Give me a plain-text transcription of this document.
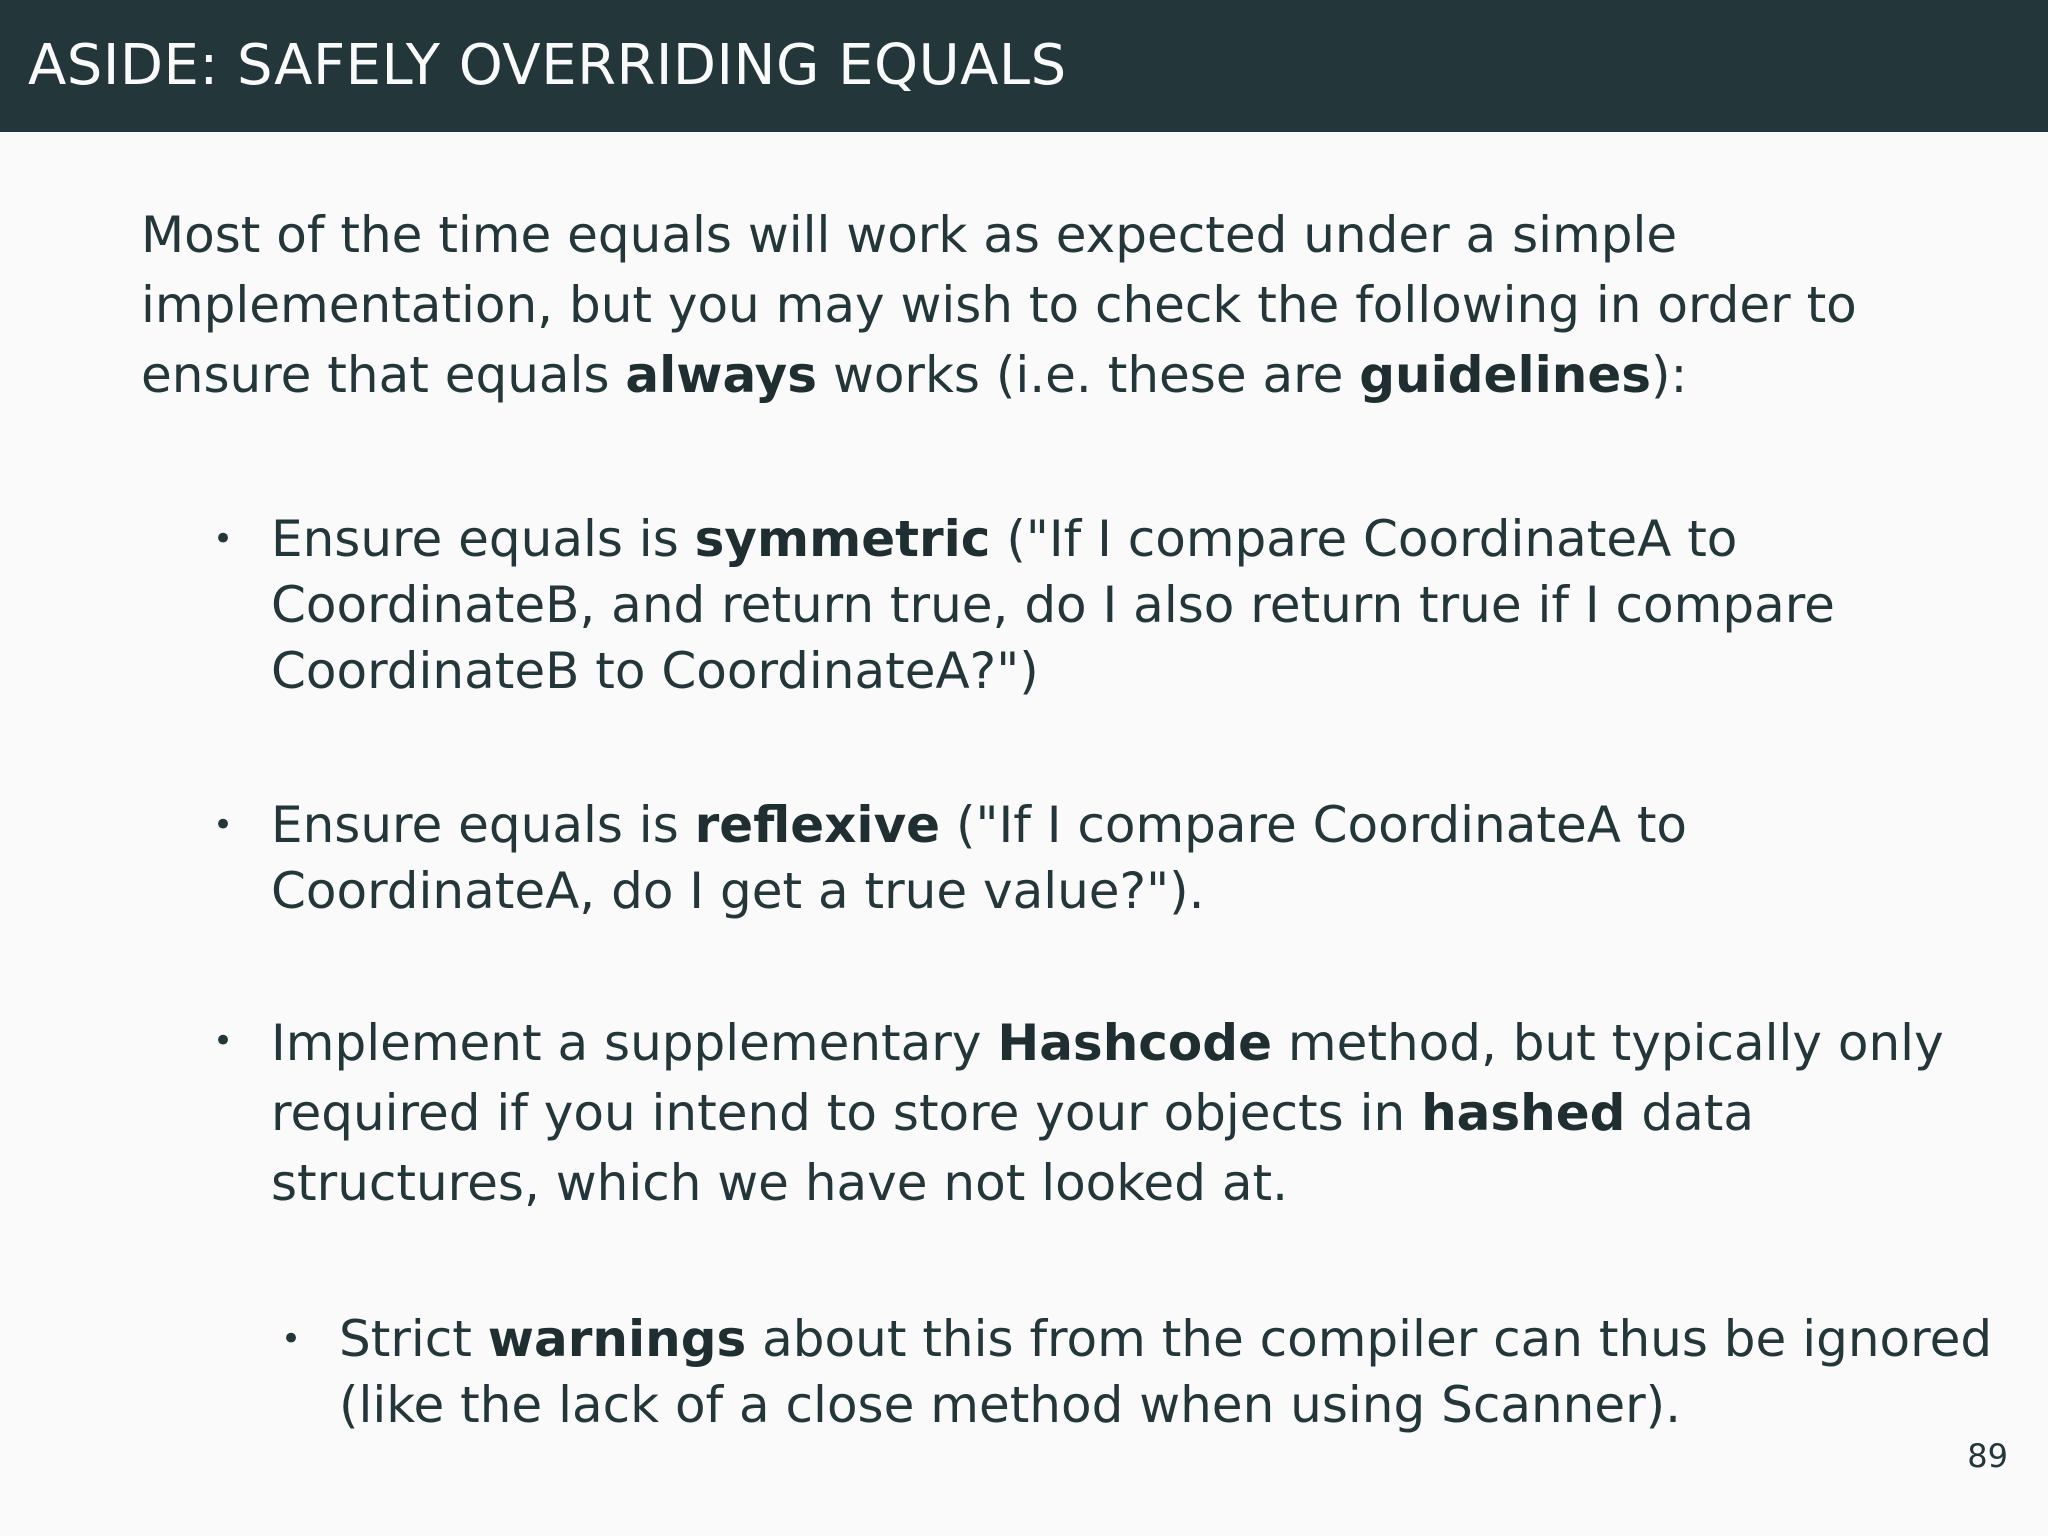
ASIDE: SAFELY OVERRIDING EQUALS

Most of the time equals will work as expected under a simple implementation, but you may wish to check the following in order to ensure that equals always works (i.e. these are guidelines):

• Ensure equals is symmetric ("If I compare CoordinateA to CoordinateB, and return true, do I also return true if I compare CoordinateB to CoordinateA?")
• Ensure equals is reflexive ("If I compare CoordinateA to CoordinateA, do I get a true value?").
• Implement a supplementary Hashcode method, but typically only required if you intend to store your objects in hashed data structures, which we have not looked at.
• Strict warnings about this from the compiler can thus be ignored (like the lack of a close method when using Scanner).
89
